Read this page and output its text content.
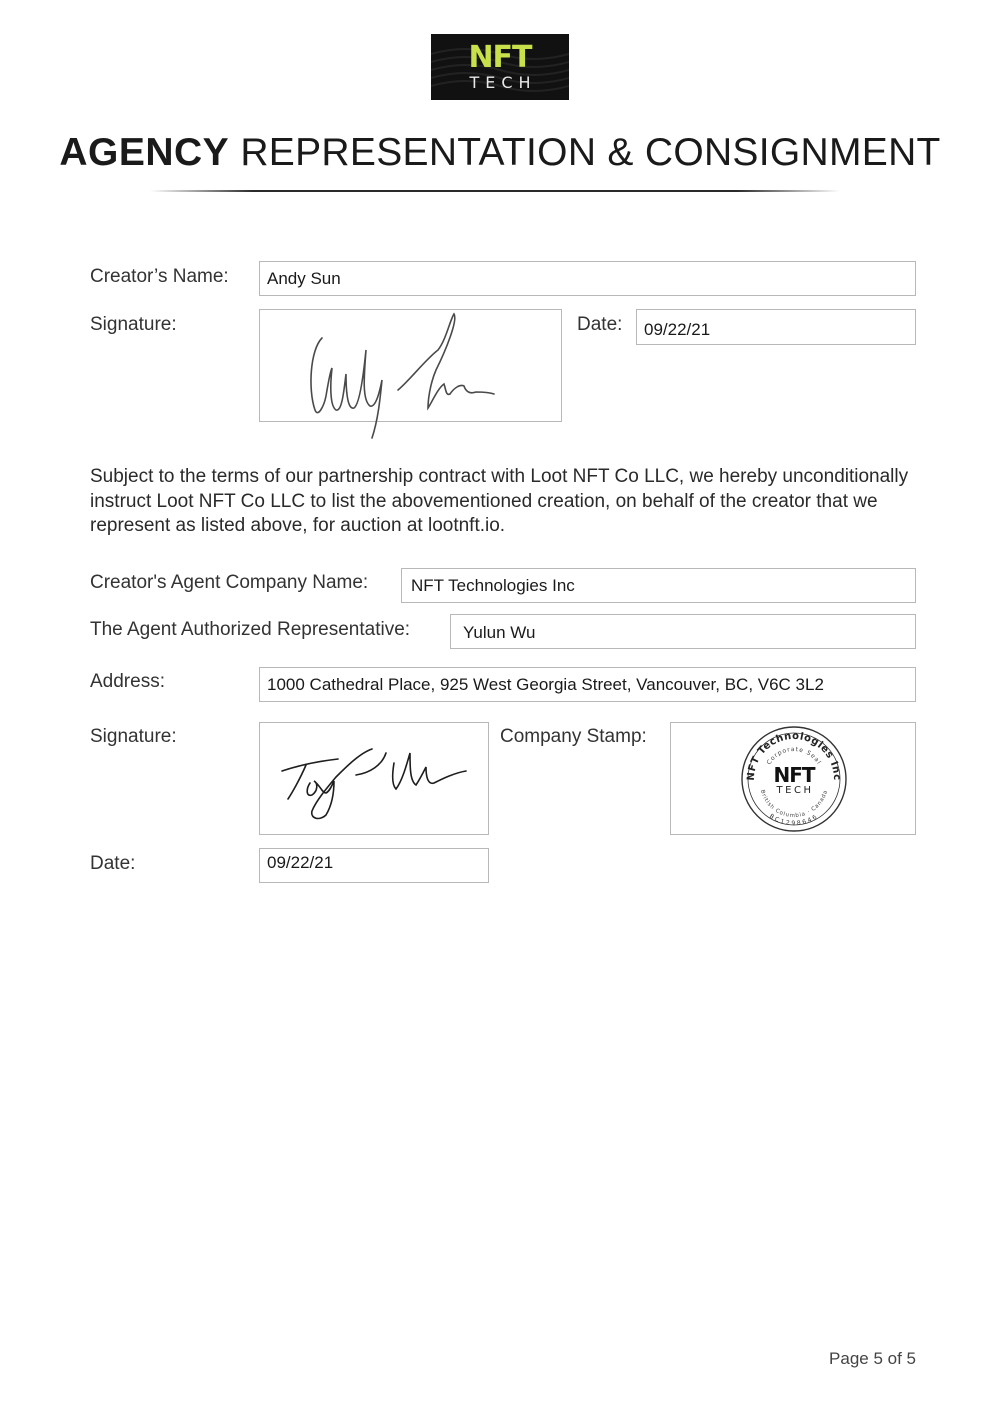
NFT
TECH
AGENCY REPRESENTATION & CONSIGNMENT
Creator’s Name:	Andy Sun
Signature:	Date:	09/22/21
Subject to the terms of our partnership contract with Loot NFT Co LLC, we hereby unconditionally instruct Loot NFT Co LLC to list the abovementioned creation, on behalf of the creator that we represent as listed above, for auction at lootnft.io.
Creator's Agent Company Name:	NFT Technologies Inc
The Agent Authorized Representative:	Yulun Wu
Address:	1000 Cathedral Place, 925 West Georgia Street, Vancouver, BC, V6C 3L2
Signature:	Company Stamp:
NFT Technologies Inc
Corporate Seal
British Columbia · Canada
BC1298646
NFT
TECH
Date:	09/22/21
Page 5 of 5
